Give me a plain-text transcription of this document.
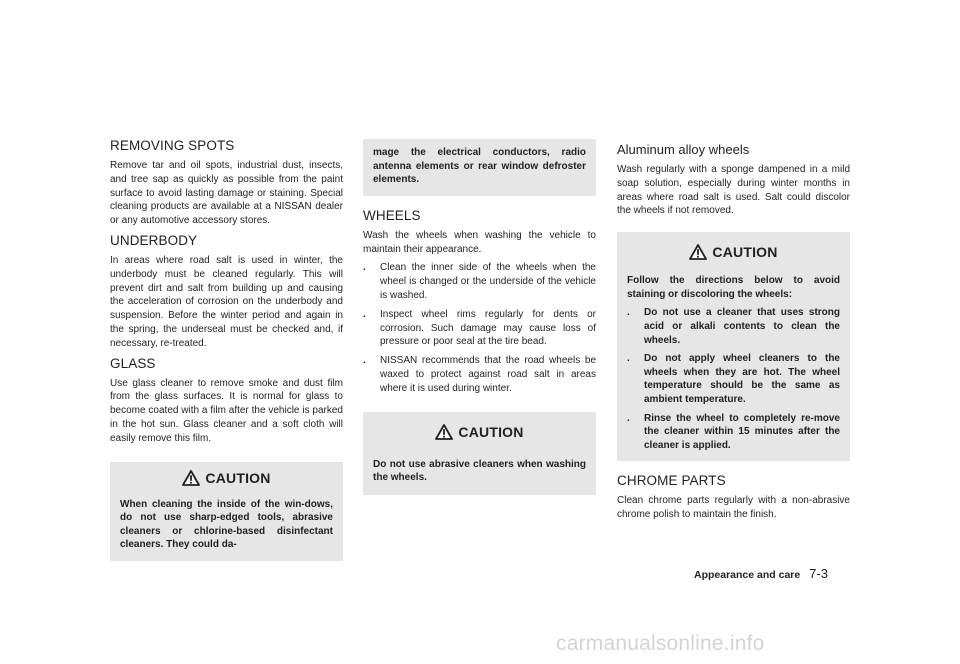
REMOVING SPOTS

Remove tar and oil spots, industrial dust, insects, and tree sap as quickly as possible from the paint surface to avoid lasting damage or staining. Special cleaning products are available at a NISSAN dealer or any automotive accessory stores.

UNDERBODY

In areas where road salt is used in winter, the underbody must be cleaned regularly. This will prevent dirt and salt from building up and causing the acceleration of corrosion on the underbody and suspension. Before the winter period and again in the spring, the underseal must be checked and, if necessary, re-treated.

GLASS

Use glass cleaner to remove smoke and dust film from the glass surfaces. It is normal for glass to become coated with a film after the vehicle is parked in the hot sun. Glass cleaner and a soft cloth will easily remove this film.

CAUTION

When cleaning the inside of the win-dows, do not use sharp-edged tools, abrasive cleaners or chlorine-based disinfectant cleaners. They could da-

mage the electrical conductors, radio antenna elements or rear window defroster elements.

WHEELS

Wash the wheels when washing the vehicle to maintain their appearance.

. Clean the inner side of the wheels when the wheel is changed or the underside of the vehicle is washed.
. Inspect wheel rims regularly for dents or corrosion. Such damage may cause loss of pressure or poor seal at the tire bead.
. NISSAN recommends that the road wheels be waxed to protect against road salt in areas where it is used during winter.
CAUTION

Do not use abrasive cleaners when washing the wheels.

Aluminum alloy wheels

Wash regularly with a sponge dampened in a mild soap solution, especially during winter months in areas where road salt is used. Salt could discolor the wheels if not removed.

CAUTION

Follow the directions below to avoid staining or discoloring the wheels:

. Do not use a cleaner that uses strong acid or alkali contents to clean the wheels.
. Do not apply wheel cleaners to the wheels when they are hot. The wheel temperature should be the same as ambient temperature.
. Rinse the wheel to completely re-move the cleaner within 15 minutes after the cleaner is applied.
CHROME PARTS

Clean chrome parts regularly with a non-abrasive chrome polish to maintain the finish.

Appearance and care 7-3
carmanualsonline.info
